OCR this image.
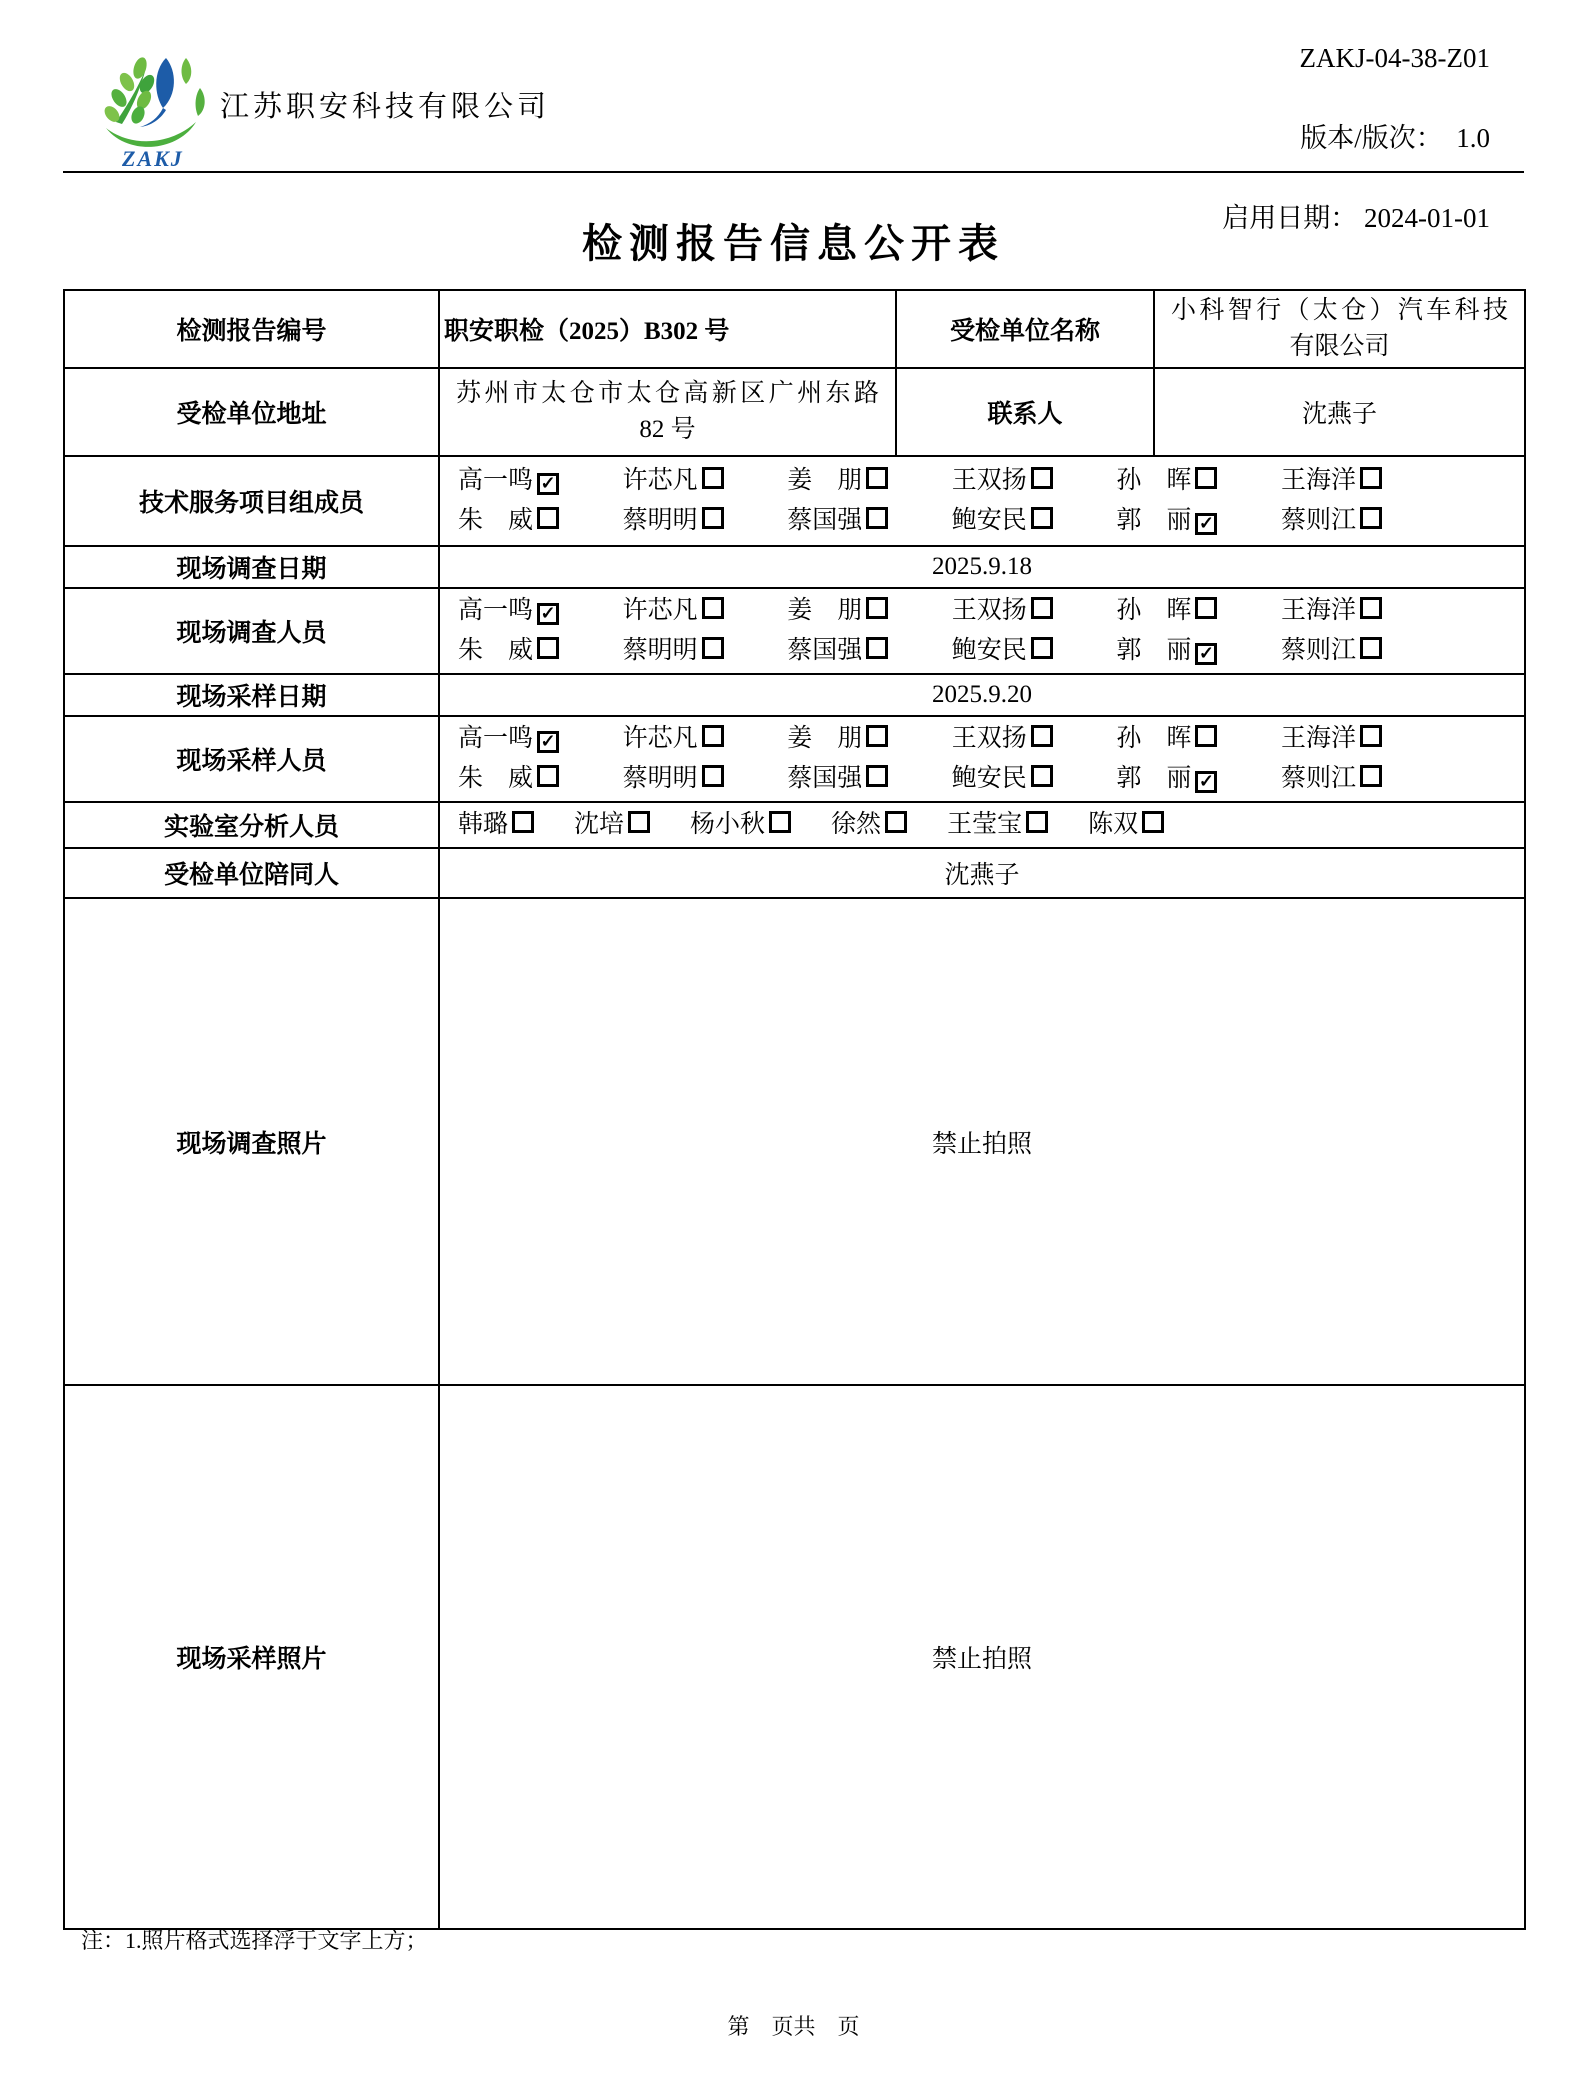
ZAKJ
江苏职安科技有限公司
ZAKJ-04-38-Z01

版本/版次：  1.0

启用日期： 2024-01-01

检测报告信息公开表
检测报告编号	职安职检（2025）B302 号	受检单位名称	小科智行（太仓）汽车科技
有限公司

受检单位地址	苏州市太仓市太仓高新区广州东路
82 号	联系人	沈燕子
技术服务项目组成员	
高一鸣 ✓	许芯凡	姜　朋	王双扬	孙　晖	王海洋
朱　威	蔡明明	蔡国强	鲍安民	郭　丽 ✓	蔡则江

现场调查日期	2025.9.18		
现场调查人员	
高一鸣 ✓	许芯凡	姜　朋	王双扬	孙　晖	王海洋
朱　威	蔡明明	蔡国强	鲍安民	郭　丽 ✓	蔡则江

现场采样日期	2025.9.20		
现场采样人员	
高一鸣 ✓	许芯凡	姜　朋	王双扬	孙　晖	王海洋
朱　威	蔡明明	蔡国强	鲍安民	郭　丽 ✓	蔡则江

实验室分析人员	韩璐	沈培	杨小秋	徐然	王莹宝	陈双

受检单位陪同人	沈燕子		
现场调查照片	禁止拍照		
现场采样照片	禁止拍照		
注：1.照片格式选择浮于文字上方；
第　页共　页
